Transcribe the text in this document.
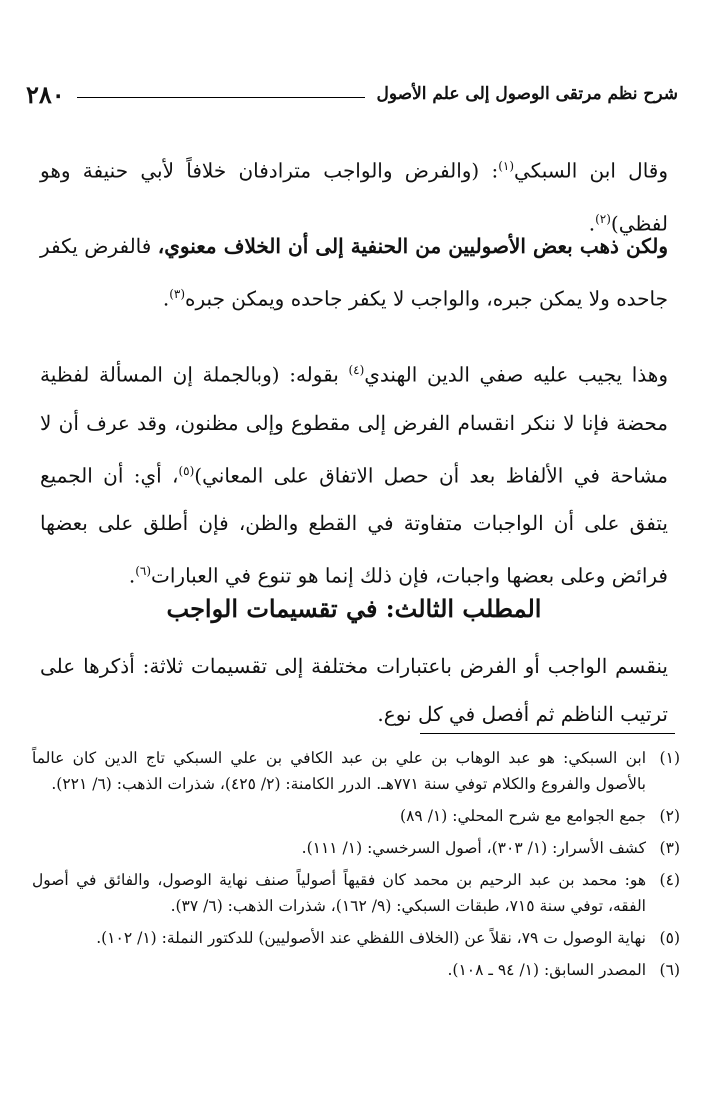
شرح نظم مرتقى الوصول إلى علم الأصول
٢٨٠
وقال ابن السبكي$^{(١)}$: (والفرض والواجب مترادفان خلافاً لأبي حنيفة وهو لفظي)$^{(٢)}$.
ولكن ذهب بعض الأصوليين من الحنفية إلى أن الخلاف معنوي، فالفرض يكفر جاحده ولا يمكن جبره، والواجب لا يكفر جاحده ويمكن جبره$^{(٣)}$.
وهذا يجيب عليه صفي الدين الهندي$^{(٤)}$ بقوله: (وبالجملة إن المسألة لفظية محضة فإنا لا ننكر انقسام الفرض إلى مقطوع وإلى مظنون، وقد عرف أن لا مشاحة في الألفاظ بعد أن حصل الاتفاق على المعاني)$^{(٥)}$، أي: أن الجميع يتفق على أن الواجبات متفاوتة في القطع والظن، فإن أطلق على بعضها فرائض وعلى بعضها واجبات، فإن ذلك إنما هو تنوع في العبارات$^{(٦)}$.
المطلب الثالث: في تقسيمات الواجب
ينقسم الواجب أو الفرض باعتبارات مختلفة إلى تقسيمات ثلاثة: أذكرها على ترتيب الناظم ثم أفصل في كل نوع.
(١)
ابن السبكي: هو عبد الوهاب بن علي بن عبد الكافي بن علي السبكي تاج الدين كان عالماً بالأصول والفروع والكلام توفي سنة ٧٧١هـ. الدرر الكامنة: (٢/ ٤٢٥)، شذرات الذهب: (٦/ ٢٢١).
(٢)
جمع الجوامع مع شرح المحلي: (١/ ٨٩)
(٣)
كشف الأسرار: (١/ ٣٠٣)، أصول السرخسي: (١/ ١١١).
(٤)
هو: محمد بن عبد الرحيم بن محمد كان فقيهاً أصولياً صنف نهاية الوصول، والفائق في أصول الفقه، توفي سنة ٧١٥، طبقات السبكي: (٩/ ١٦٢)، شذرات الذهب: (٦/ ٣٧).
(٥)
نهاية الوصول ت ٧٩، نقلاً عن (الخلاف اللفظي عند الأصوليين) للدكتور النملة: (١/ ١٠٢).
(٦)
المصدر السابق: (١/ ٩٤ ـ ١٠٨).
